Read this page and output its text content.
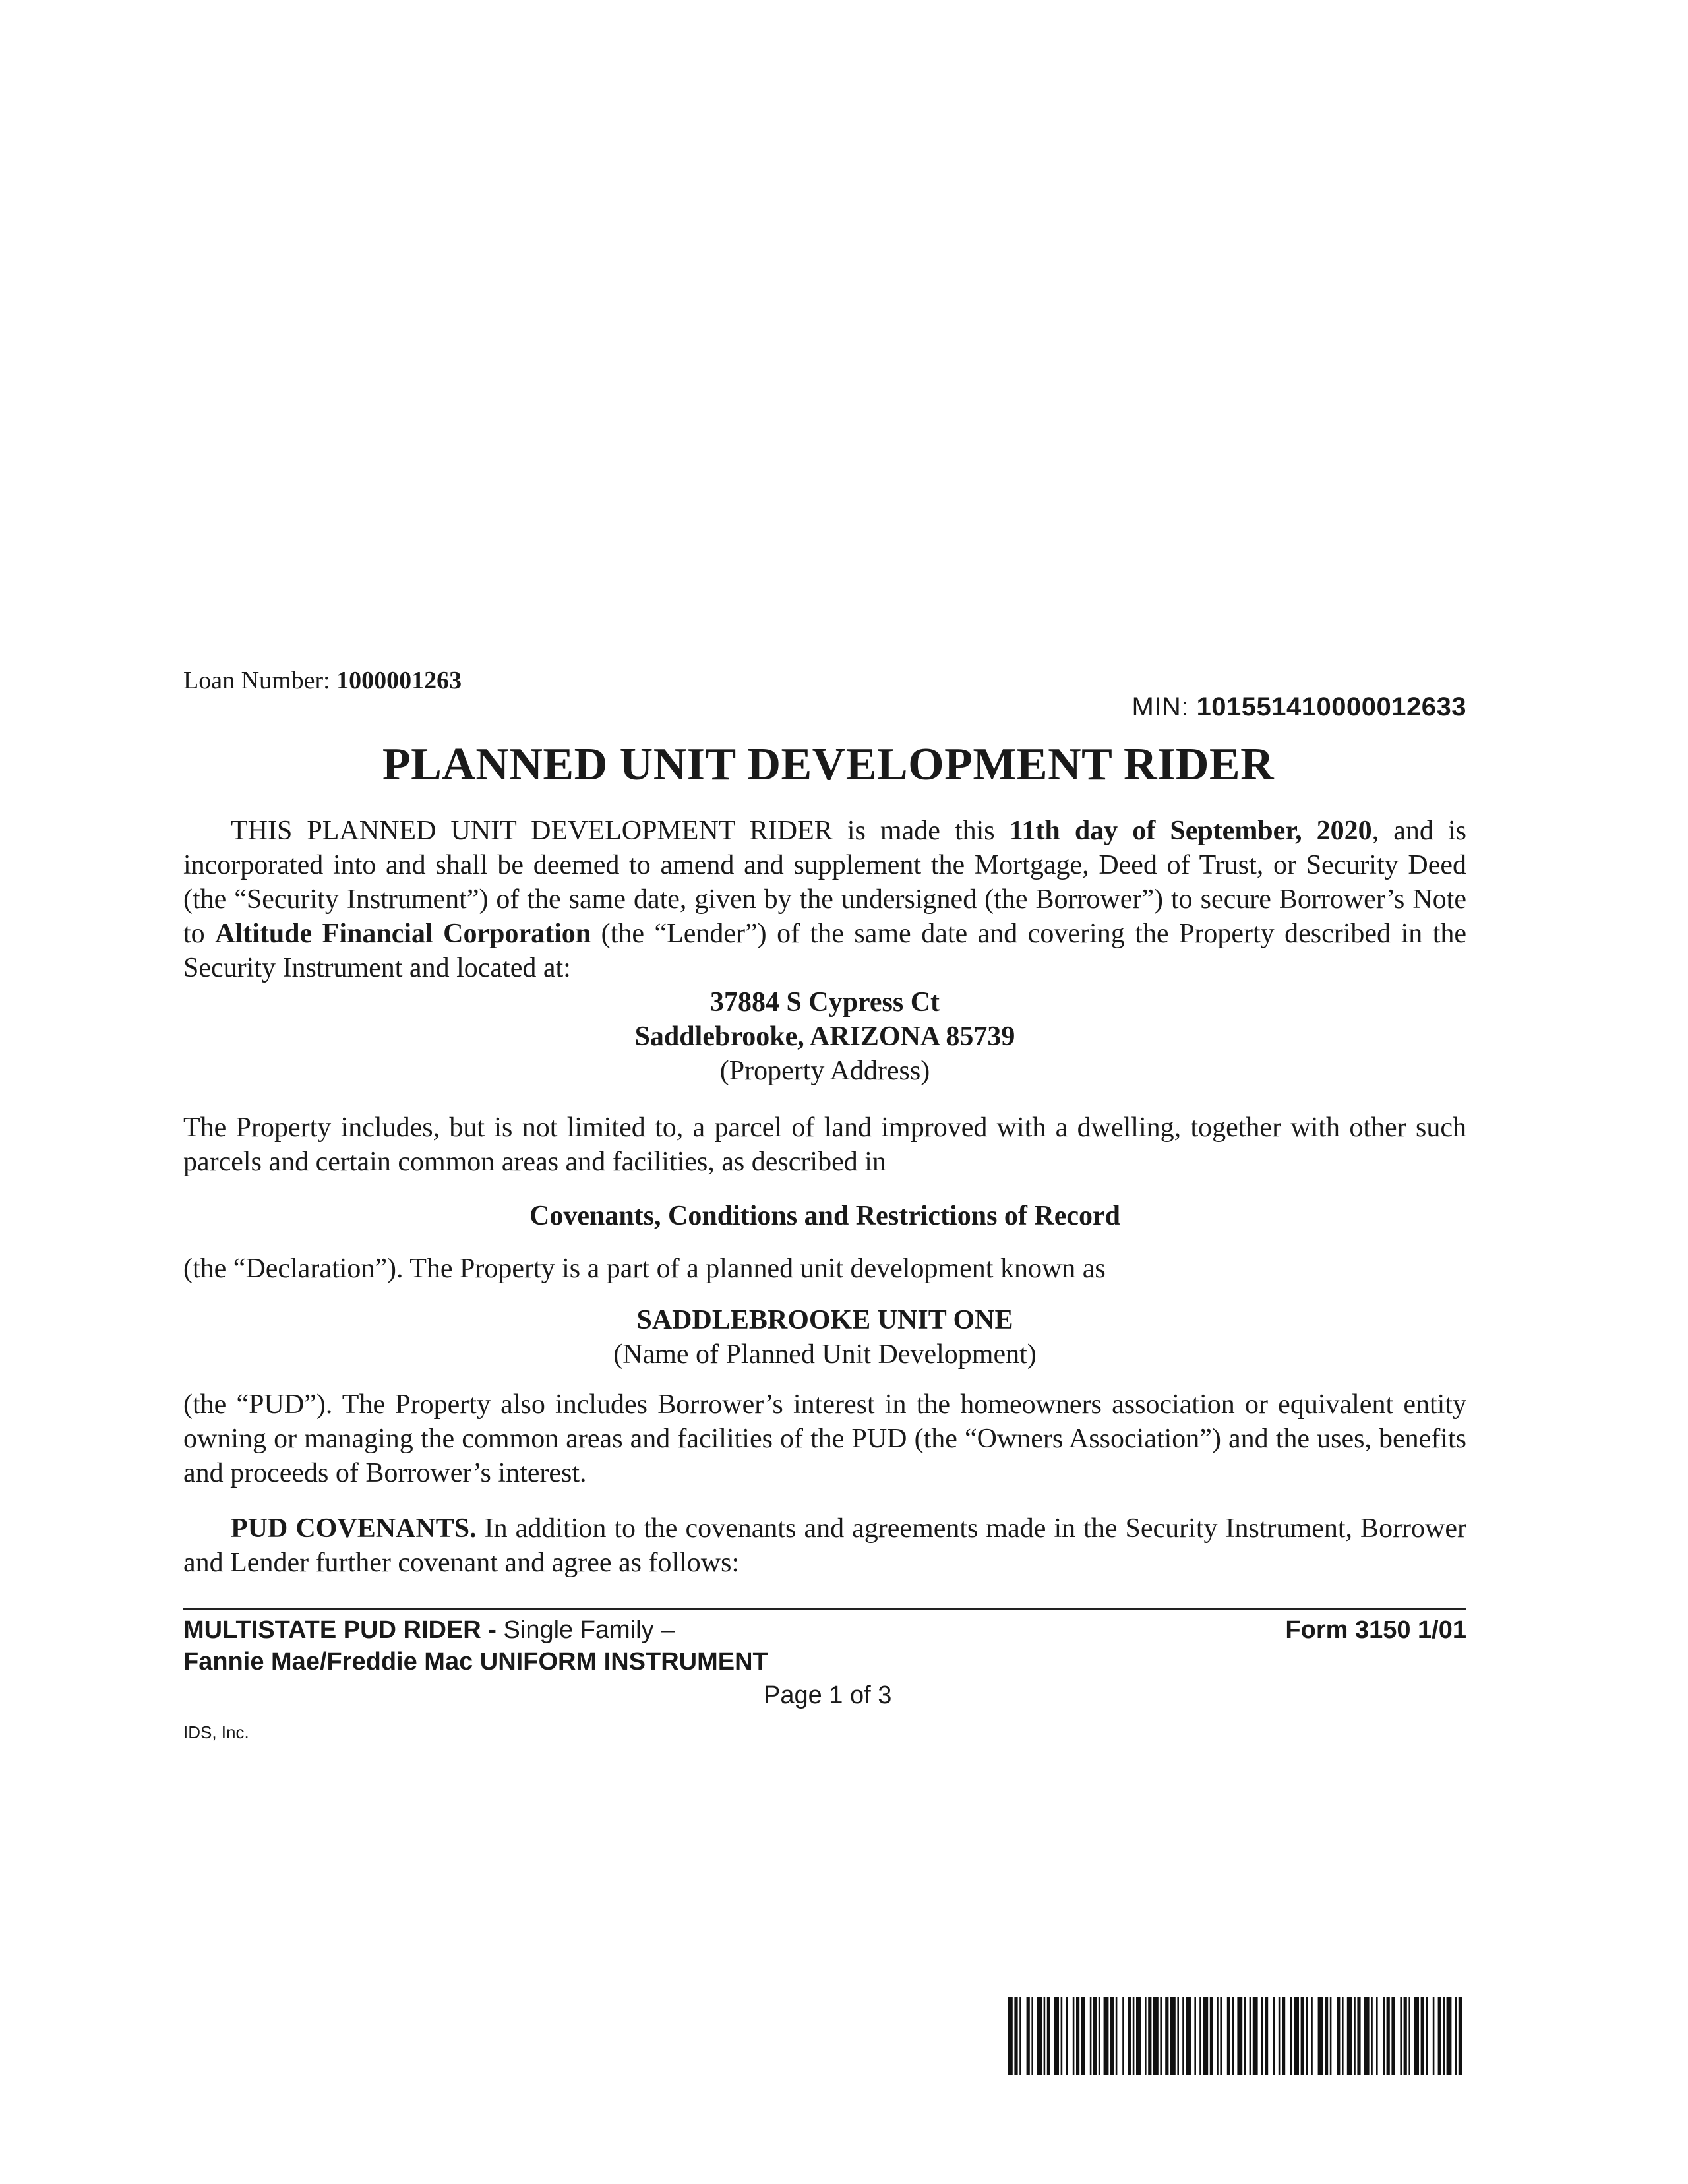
Loan Number: 1000001263
MIN: 101551410000012633
PLANNED UNIT DEVELOPMENT RIDER
THIS PLANNED UNIT DEVELOPMENT RIDER is made this 11th day of September, 2020, and is incorporated into and shall be deemed to amend and supplement the Mortgage, Deed of Trust, or Security Deed (the “Security Instrument”) of the same date, given by the undersigned (the Borrower”) to secure Borrower’s Note to Altitude Financial Corporation (the “Lender”) of the same date and covering the Property described in the Security Instrument and located at:
37884 S Cypress Ct
Saddlebrooke, ARIZONA 85739
(Property Address)
The Property includes, but is not limited to, a parcel of land improved with a dwelling, together with other such parcels and certain common areas and facilities, as described in
Covenants, Conditions and Restrictions of Record
(the “Declaration”). The Property is a part of a planned unit development known as
SADDLEBROOKE UNIT ONE
(Name of Planned Unit Development)
(the “PUD”). The Property also includes Borrower’s interest in the homeowners association or equivalent entity owning or managing the common areas and facilities of the PUD (the “Owners Association”) and the uses, benefits and proceeds of Borrower’s interest.
PUD COVENANTS. In addition to the covenants and agreements made in the Security Instrument, Borrower and Lender further covenant and agree as follows:
MULTISTATE PUD RIDER - Single Family –
Fannie Mae/Freddie Mac UNIFORM INSTRUMENT
Form 3150 1/01
Page 1 of 3
IDS, Inc.
